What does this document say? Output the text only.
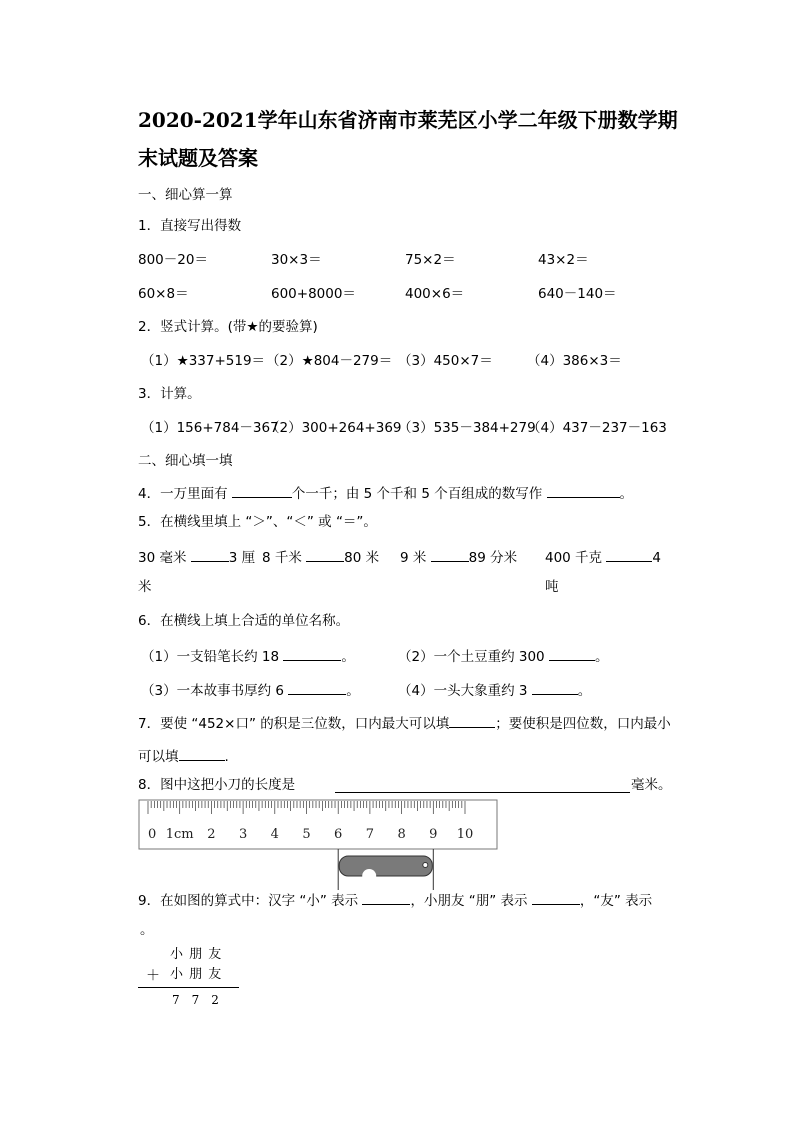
2020-2021学年山东省济南市莱芜区小学二年级下册数学期
末试题及答案
一、细心算一算
1．直接写出得数
800－20＝	30×3＝	75×2＝	43×2＝
60×8＝	600+8000＝	400×6＝	640－140＝
2．竖式计算。(带★的要验算)
（1）★337+519＝ （2）★804－279＝ （3）450×7＝	（4）386×3＝
3．计算。
（1）156+784－367
（2）300+264+369
（3）535－384+279
（4）437－237－163
二、细心填一填
4．一万里面有	个一千；由 5 个千和 5 个百组成的数写作	。
5．在横线里填上 “＞”、“＜” 或 “＝”。
30 毫米	3 厘 8 千米	80 米 9 米	89 分米 400 千克	4
米	吨
6．在横线上填上合适的单位名称。
（1）一支铅笔长约 18	。	（2）一个土豆重约 300	。
（3）一本故事书厚约 6	。	（4）一头大象重约 3	。
7．要使 “452×口” 的积是三位数，口内最大可以填	；要使积是四位数，口内最小
可以填	.
8．图中这把小刀的长度是	毫米。
0 1cm 2 3 4 5 6 7 8 9 10
9．在如图的算式中：汉字 “小” 表示	，小朋友 “朋” 表示	，“友” 表示
。
小 朋 友
＋ 小 朋 友
7　7　2
